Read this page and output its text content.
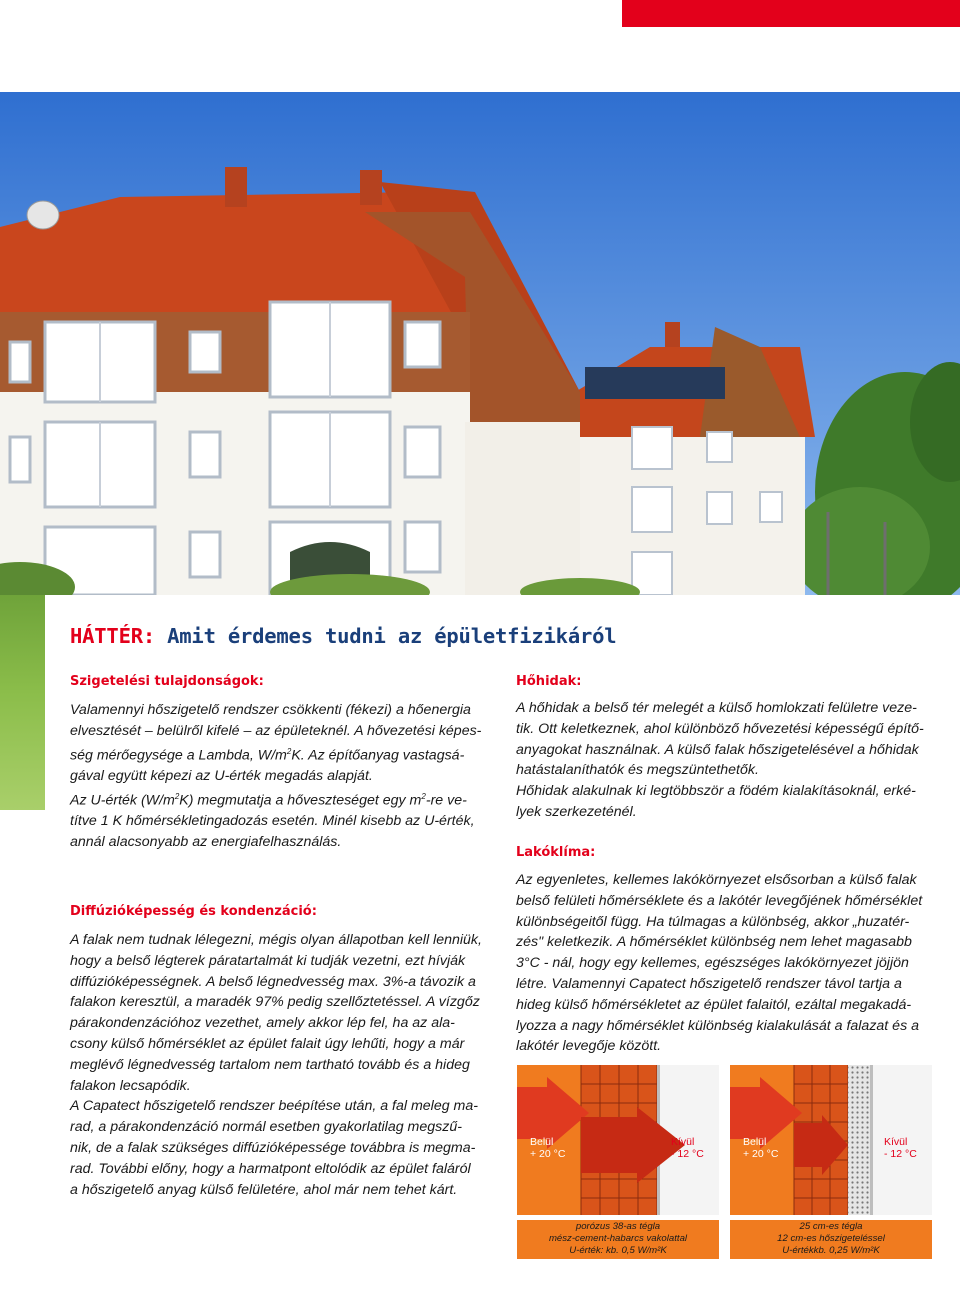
HÁTTÉR: Amit érdemes tudni az épületfizikáról
Szigetelési tulajdonságok:

Valamennyi hőszigetelő rendszer csökkenti (fékezi) a hőenergia

elvesztését – belülről kifelé – az épületeknél. A hővezetési képes-

ség mérőegysége a Lambda, $W/m^2K$. Az építőanyag vastagsá-

gával együtt képezi az U-érték megadás alapját.

Az U-érték $(W/m^2K)$ megmutatja a hőveszteséget egy $m^2-re$ ve-

títve 1 K hőmérsékletingadozás esetén. Minél kisebb az U-érték,

annál alacsonyabb az energiafelhasználás.

Diffúzióképesség és kondenzáció:

A falak nem tudnak lélegezni, mégis olyan állapotban kell lenniük,

hogy a belső légterek páratartalmát ki tudják vezetni, ezt hívják

diffúzióképességnek. A belső légnedvesség max. 3%-a távozik a

falakon keresztül, a maradék 97% pedig szellőztetéssel. A vízgőz

párakondenzációhoz vezethet, amely akkor lép fel, ha az ala-

csony külső hőmérséklet az épület falait úgy lehűti, hogy a már

meglévő légnedvesség tartalom nem tartható tovább és a hideg

falakon lecsapódik.

A Capatect hőszigetelő rendszer beépítése után, a fal meleg ma-

rad, a párakondenzáció normál esetben gyakorlatilag megszű-

nik, de a falak szükséges diffúzióképessége továbbra is megma-

rad. További előny, hogy a harmatpont eltolódik az épület faláról

a hőszigetelő anyag külső felületére, ahol már nem tehet kárt.

Hőhidak:

A hőhidak a belső tér melegét a külső homlokzati felületre veze-

tik. Ott keletkeznek, ahol különböző hővezetési képességű építő-

anyagokat használnak. A külső falak hőszigetelésével a hőhidak

hatástalaníthatók és megszüntethetők.

Hőhidak alakulnak ki legtöbbször a födém kialakításoknál, erké-

lyek szerkezeténél.

Lakóklíma:

Az egyenletes, kellemes lakókörnyezet elsősorban a külső falak

belső felületi hőmérséklete és a lakótér levegőjének hőmérséklet

különbségeitől függ. Ha túlmagas a különbség, akkor „huzatér-

zés" keletkezik. A hőmérséklet különbség nem lehet magasabb

3°C - nál, hogy egy kellemes, egészséges lakókörnyezet jöjjön

létre. Valamennyi Capatect hőszigetelő rendszer távol tartja a

hideg külső hőmérsékletet az épület falaitól, ezáltal megakadá-

lyozza a nagy hőmérséklet különbség kialakulását a falazat és a

lakótér levegője között.

Belül
+ 20 °C
Kívül
- 12 °C
Belül
+ 20 °C
Kívül
- 12 °C
porózus 38-as tégla
mész-cement-habarcs vakolattal
U-érték: kb. 0,5 W/m²K
25 cm-es tégla
12 cm-es hőszigeteléssel
U-értékkb. 0,25 W/m²K
